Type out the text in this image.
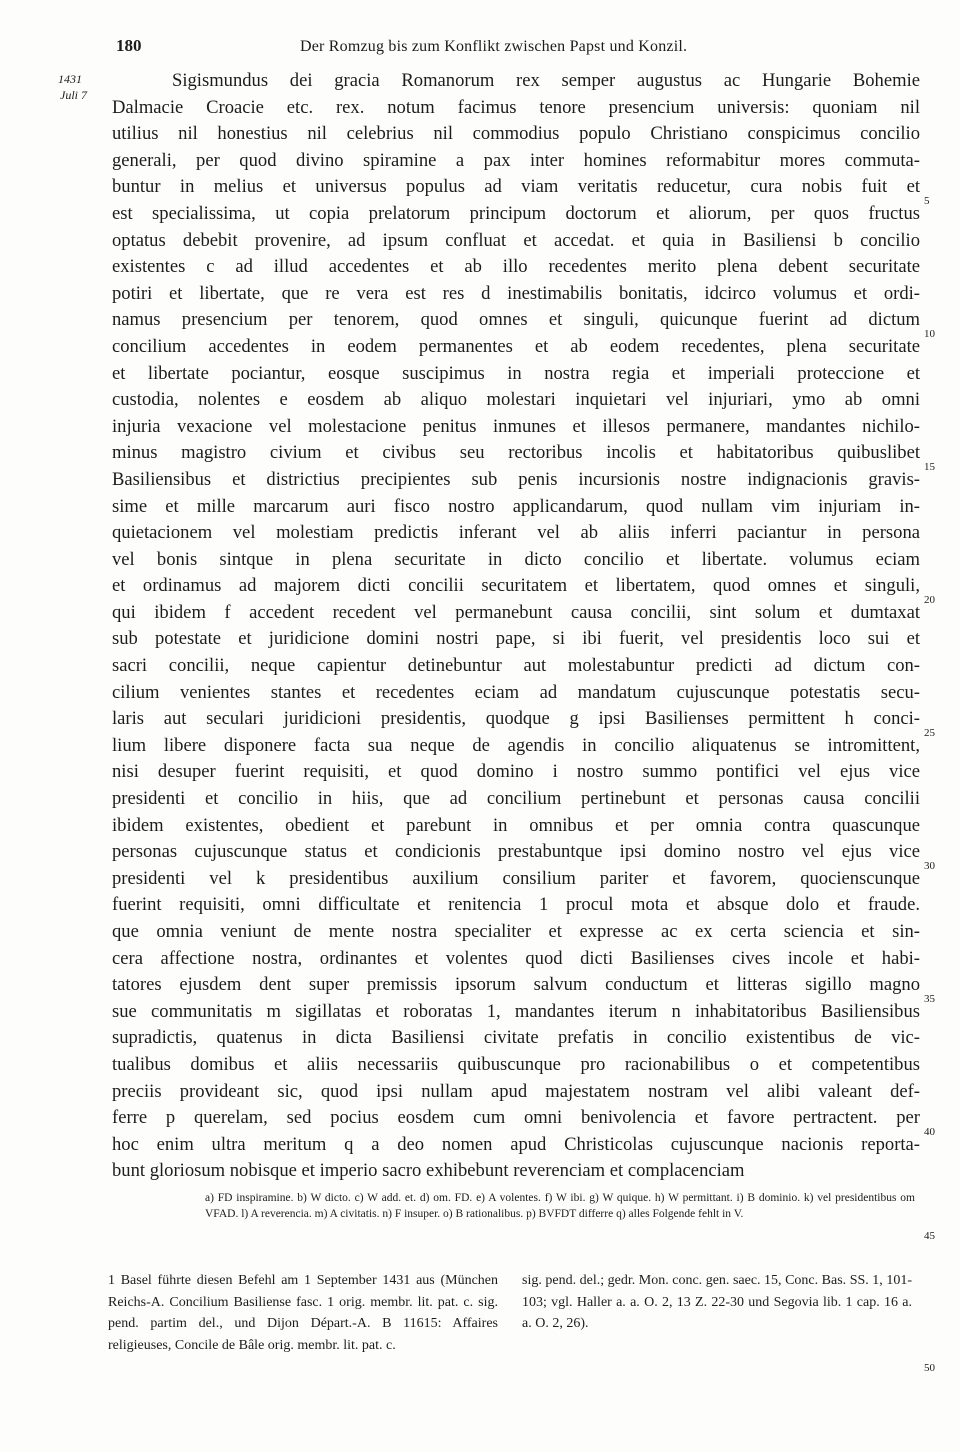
180	Der Romzug bis zum Konflikt zwischen Papst und Konzil.
1431
Juli 7
Sigismundus dei gracia Romanorum rex semper augustus ac Hungarie Bohemie
Dalmacie Croacie etc. rex. notum facimus tenore presencium universis: quoniam nil
utilius nil honestius nil celebrius nil commodius populo Christiano conspicimus concilio
generali, per quod divino spiramine a pax inter homines reformabitur mores commuta-
buntur in melius et universus populus ad viam veritatis reducetur, cura nobis fuit et
est specialissima, ut copia prelatorum principum doctorum et aliorum, per quos fructus
optatus debebit provenire, ad ipsum confluat et accedat. et quia in Basiliensi b concilio
existentes c ad illud accedentes et ab illo recedentes merito plena debent securitate
potiri et libertate, que re vera est res d inestimabilis bonitatis, idcirco volumus et ordi-
namus presencium per tenorem, quod omnes et singuli, quicunque fuerint ad dictum
concilium accedentes in eodem permanentes et ab eodem recedentes, plena securitate
et libertate pociantur, eosque suscipimus in nostra regia et imperiali proteccione et
custodia, nolentes e eosdem ab aliquo molestari inquietari vel injuriari, ymo ab omni
injuria vexacione vel molestacione penitus inmunes et illesos permanere, mandantes nichilo-
minus magistro civium et civibus seu rectoribus incolis et habitatoribus quibuslibet
Basiliensibus et districtius precipientes sub penis incursionis nostre indignacionis gravis-
sime et mille marcarum auri fisco nostro applicandarum, quod nullam vim injuriam in-
quietacionem vel molestiam predictis inferant vel ab aliis inferri paciantur in persona
vel bonis sintque in plena securitate in dicto concilio et libertate. volumus eciam
et ordinamus ad majorem dicti concilii securitatem et libertatem, quod omnes et singuli,
qui ibidem f accedent recedent vel permanebunt causa concilii, sint solum et dumtaxat
sub potestate et juridicione domini nostri pape, si ibi fuerit, vel presidentis loco sui et
sacri concilii, neque capientur detinebuntur aut molestabuntur predicti ad dictum con-
cilium venientes stantes et recedentes eciam ad mandatum cujuscunque potestatis secu-
laris aut seculari juridicioni presidentis, quodque g ipsi Basilienses permittent h conci-
lium libere disponere facta sua neque de agendis in concilio aliquatenus se intromittent,
nisi desuper fuerint requisiti, et quod domino i nostro summo pontifici vel ejus vice
presidenti et concilio in hiis, que ad concilium pertinebunt et personas causa concilii
ibidem existentes, obedient et parebunt in omnibus et per omnia contra quascunque
personas cujuscunque status et condicionis prestabuntque ipsi domino nostro vel ejus vice
presidenti vel k presidentibus auxilium consilium pariter et favorem, quocienscunque
fuerint requisiti, omni difficultate et renitencia 1 procul mota et absque dolo et fraude.
que omnia veniunt de mente nostra specialiter et expresse ac ex certa sciencia et sin-
cera affectione nostra, ordinantes et volentes quod dicti Basilienses cives incole et habi-
tatores ejusdem dent super premissis ipsorum salvum conductum et litteras sigillo magno
sue communitatis m sigillatas et roboratas 1, mandantes iterum n inhabitatoribus Basiliensibus
supradictis, quatenus in dicta Basiliensi civitate prefatis in concilio existentibus de vic-
tualibus domibus et aliis necessariis quibuscunque pro racionabilibus o et competentibus
preciis provideant sic, quod ipsi nullam apud majestatem nostram vel alibi valeant def-
ferre p querelam, sed pocius eosdem cum omni benivolencia et favore pertractent. per
hoc enim ultra meritum q a deo nomen apud Christicolas cujuscunque nacionis reporta-
bunt gloriosum nobisque et imperio sacro exhibebunt reverenciam et complacenciam
5
10
15
20
25
30
35
40

a) FD inspiramine. b) W dicto. c) W add. et. d) om. FD. e) A volentes. f) W ibi. g) W quique. h) W permittant. i) B dominio. k) vel presidentibus om VFAD. l) A reverencia. m) A civitatis. n) F insuper. o) B rationalibus. p) BVFDT differre q) alles Folgende fehlt in V.

45

1 Basel führte diesen Befehl am 1 September 1431 aus (München Reichs-A. Concilium Basiliense fasc. 1 orig. membr. lit. pat. c. sig. pend. partim del., und Dijon Départ.-A. B 11615: Affaires religieuses, Concile de Bâle orig. membr. lit. pat. c.

sig. pend. del.; gedr. Mon. conc. gen. saec. 15, Conc. Bas. SS. 1, 101-103; vgl. Haller a. a. O. 2, 13 Z. 22-30 und Segovia lib. 1 cap. 16 a. a. O. 2, 26).

50
